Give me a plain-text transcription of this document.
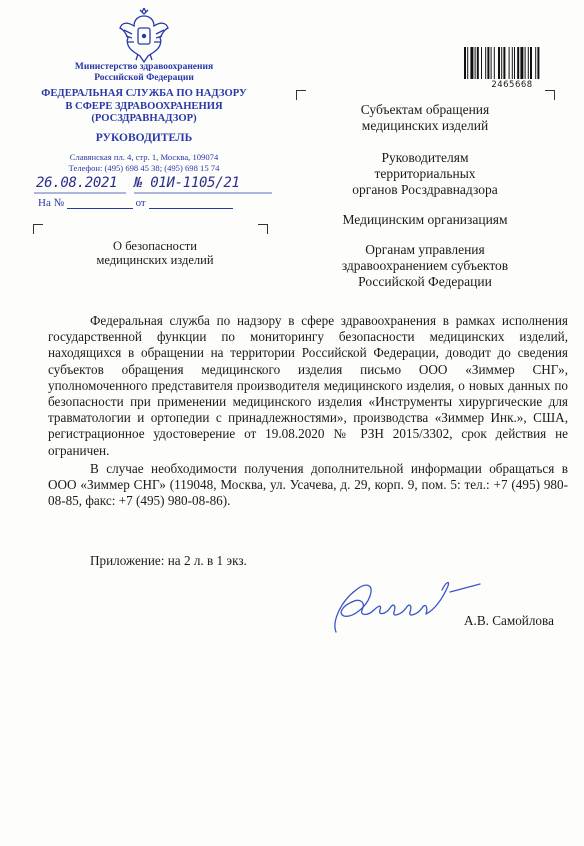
Министерство здравоохранения
Российской Федерации
ФЕДЕРАЛЬНАЯ СЛУЖБА ПО НАДЗОРУ
В СФЕРЕ ЗДРАВООХРАНЕНИЯ
(РОСЗДРАВНАДЗОР)
РУКОВОДИТЕЛЬ
Славянская пл. 4, стр. 1, Москва, 109074
Телефон: (495) 698 45 38; (495) 698 15 74
26.08.2021 № 01И-1105/21
На №	от
О безопасности
медицинских изделий
2465668
Субъектам обращения
медицинских изделий
Руководителям
территориальных
органов Росздравнадзора
Медицинским организациям
Органам управления
здравоохранением субъектов
Российской Федерации

Федеральная служба по надзору в сфере здравоохранения в рамках исполнения государственной функции по мониторингу безопасности медицинских изделий, находящихся в обращении на территории Российской Федерации, доводит до сведения субъектов обращения медицинского изделия письмо ООО «Зиммер СНГ», уполномоченного представителя производителя медицинского изделия, о новых данных по безопасности при применении медицинского изделия «Инструменты хирургические для травматологии и ортопедии с принадлежностями», производства «Зиммер Инк.», США, регистрационное удостоверение от 19.08.2020 № РЗН 2015/3302, срок действия не ограничен.

В случае необходимости получения дополнительной информации обращаться в ООО «Зиммер СНГ» (119048, Москва, ул. Усачева, д. 29, корп. 9, пом. 5: тел.: +7 (495) 980-08-85, факс: +7 (495) 980-08-86).

Приложение: на 2 л. в 1 экз.
А.В. Самойлова
